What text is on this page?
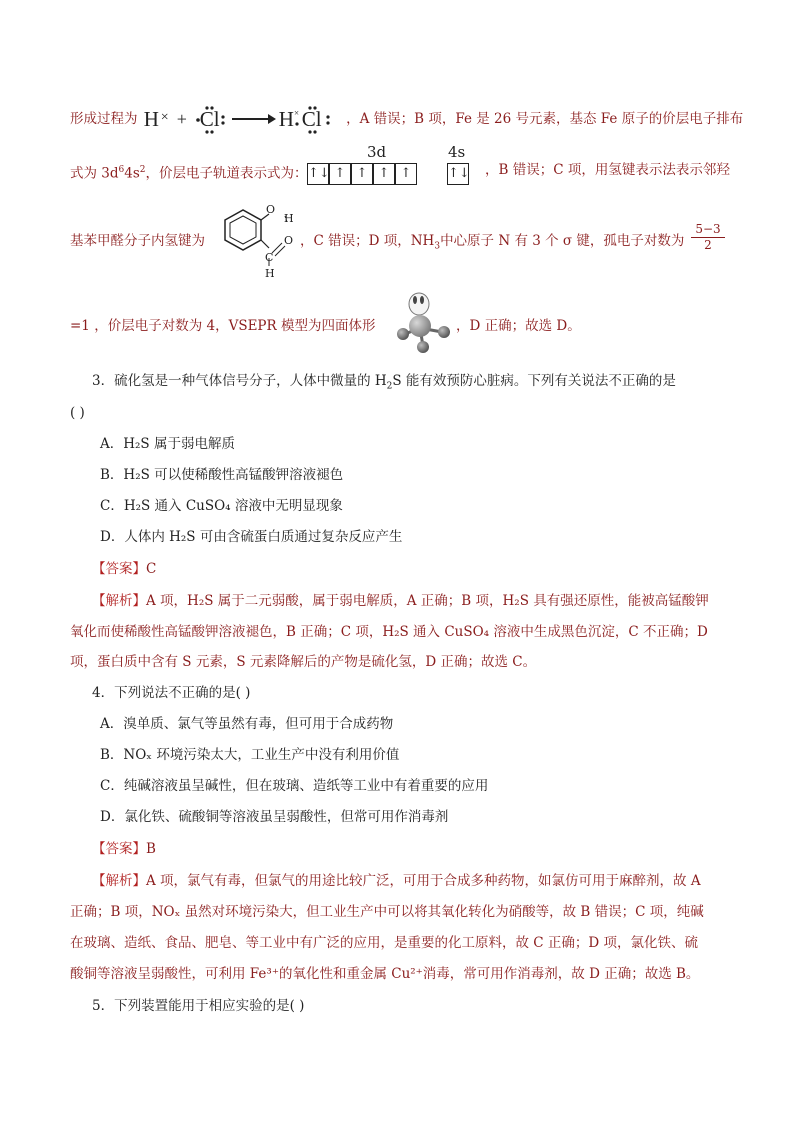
形成过程为 H × + Cl	H × Cl ，A 错误；B 项，Fe 是 26 号元素，基态 Fe 原子的价层电子排布
式为 $3d^64s^2$，价层电子轨道表示式为：
3d	4s
↑↓ ↑ ↑ ↑ ↑	↑↓ ，B 错误；C 项，用氢键表示法表示邻羟
基苯甲醛分子内氢键为
O
H
O
C
H
，C 错误；D 项，$NH_3$中心原子 N 有 3 个 σ 键，孤电子对数为 $\frac{5-3}{2}$
=1 ，价层电子对数为 4，VSEPR 模型为四面体形	，D 正确；故选 D。
3．硫化氢是一种气体信号分子，人体中微量的 $H_2S$ 能有效预防心脏病。下列有关说法不正确的是
( )
A．H₂S 属于弱电解质
B．H₂S 可以使稀酸性高锰酸钾溶液褪色
C．H₂S 通入 CuSO₄ 溶液中无明显现象
D．人体内 H₂S 可由含硫蛋白质通过复杂反应产生
【答案】C
【解析】A 项，H₂S 属于二元弱酸，属于弱电解质，A 正确；B 项，H₂S 具有强还原性，能被高锰酸钾
氧化而使稀酸性高锰酸钾溶液褪色，B 正确；C 项，H₂S 通入 CuSO₄ 溶液中生成黑色沉淀，C 不正确；D
项，蛋白质中含有 S 元素，S 元素降解后的产物是硫化氢，D 正确；故选 C。
4．下列说法不正确的是( )
A．溴单质、氯气等虽然有毒，但可用于合成药物
B．NOₓ 环境污染太大，工业生产中没有利用价值
C．纯碱溶液虽呈碱性，但在玻璃、造纸等工业中有着重要的应用
D．氯化铁、硫酸铜等溶液虽呈弱酸性，但常可用作消毒剂
【答案】B
【解析】A 项，氯气有毒，但氯气的用途比较广泛，可用于合成多种药物，如氯仿可用于麻醉剂，故 A
正确；B 项，NOₓ 虽然对环境污染大，但工业生产中可以将其氧化转化为硝酸等，故 B 错误；C 项，纯碱
在玻璃、造纸、食品、肥皂、等工业中有广泛的应用，是重要的化工原料，故 C 正确；D 项，氯化铁、硫
酸铜等溶液呈弱酸性，可利用 Fe³⁺的氧化性和重金属 Cu²⁺消毒，常可用作消毒剂，故 D 正确；故选 B。
5．下列装置能用于相应实验的是( )
